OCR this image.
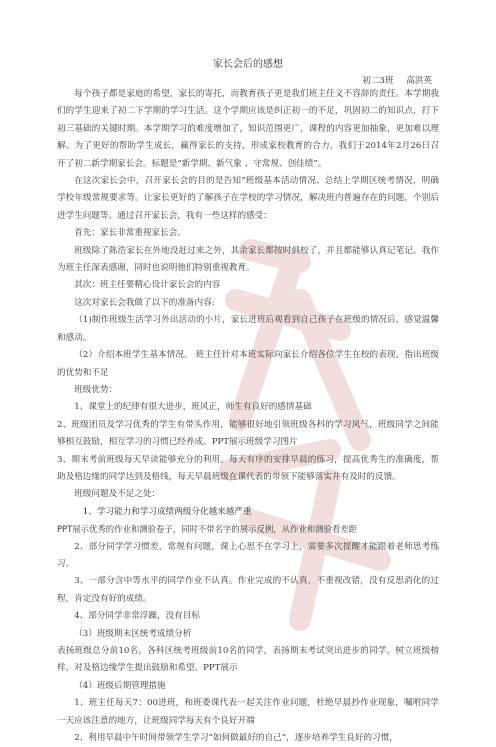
家长会后的感想
初二3班 高洪英

每个孩子都是家庭的希望，家长的寄托，而教育孩子更是我们班主任义不容辞的责任。本学期我们的学生迎来了初二下学期的学习生活。这个学期应该是纠正初一的不足，巩固初二的知识点，打下初三基础的关键时期。本学期学习的难度增加了，知识范围更广，课程的内容更加抽象，更加难以理解。为了更好的帮助学生成长，赢得家长的支持，形成家校教育的合力，我们于2014年2月26日召开了初二新学期家长会。标题是“新学期、新气象 、守常规、创佳绩”。

在这次家长会中，召开家长会的目的是告知“班级基本活动情况、总结上学期区统考情况，明确学校年级常规要求等。让家长更好的了解孩子在学校的学习情况，解决班内普遍存在的问题，个别后进学生问题等。通过召开家长会，我有一些这样的感受：

首先：家长非常重视家长会。

班级除了陈浩家长在外地没赶过来之外，其余家长都按时到校了，并且都能够认真记笔记。我作为班主任深表感谢，同时也说明他们特别重视教育。

其次：班主任要精心设计家长会的内容

这次对家长会我做了以下的准备内容:

（1)制作班级生活学习外出活动的小片，家长进班后观看到自己孩子在班级的情况后，感觉温馨和感动。

（2）介绍本班学生基本情况。 班主任针对本班实际向家长介绍各位学生在校的表现，指出班级的优势和不足

班级优势：

1、课堂上的纪律有很大进步，班风正，师生有良好的感情基础

2、班级团员及学习优秀的学生有带头作用，能够很好地引领班级各科的学习风气，班级同学之间能够相互鼓励，相互学习的习惯已经养成。PPT展示班级学习图片

3、期末考前班级每天早读能够充分的利用。每天有序的安排早晨的练习，提高优秀生的准确度，帮助及格边缘的同学达到及格线，每天早晨班级在课代表的带领下能够落实并有及时的反馈。

班级问题及不足之处：

1、学习能力和学习成绩两级分化越来越严重

PPT展示优秀的作业和测验卷子，同时不带名字的展示反例，从作业和测验看差距

2、部分同学学习惯差，常规有问题，课上心思不在学习上，需要多次提醒才能跟着老师思考练习。

3、一部分含中等水平的同学作业不认真。作业完成的不认真，不重视改错，没有反思消化的过程，肯定没有好的成绩。

4、部分同学非常浮躁，没有目标

（3）班级期末区统考成绩分析

表扬班级总分前10名，各科区统考班级前10名的同学，表扬期末考试突出进步的同学，树立班级榜样。对及格边缘学生提出鼓励和希望。PPT展示

（4）班级后期管理措施

1、班主任每天7：00进班，和班委课代表一起关注作业问题，杜绝早晨抄作业现象，嘱咐同学一天应该注意的地方，让班级同学每天有个良好开端

2、利用早晨中午时间带领学生学习“如何做最好的自己”，逐步培养学生良好的习惯，
